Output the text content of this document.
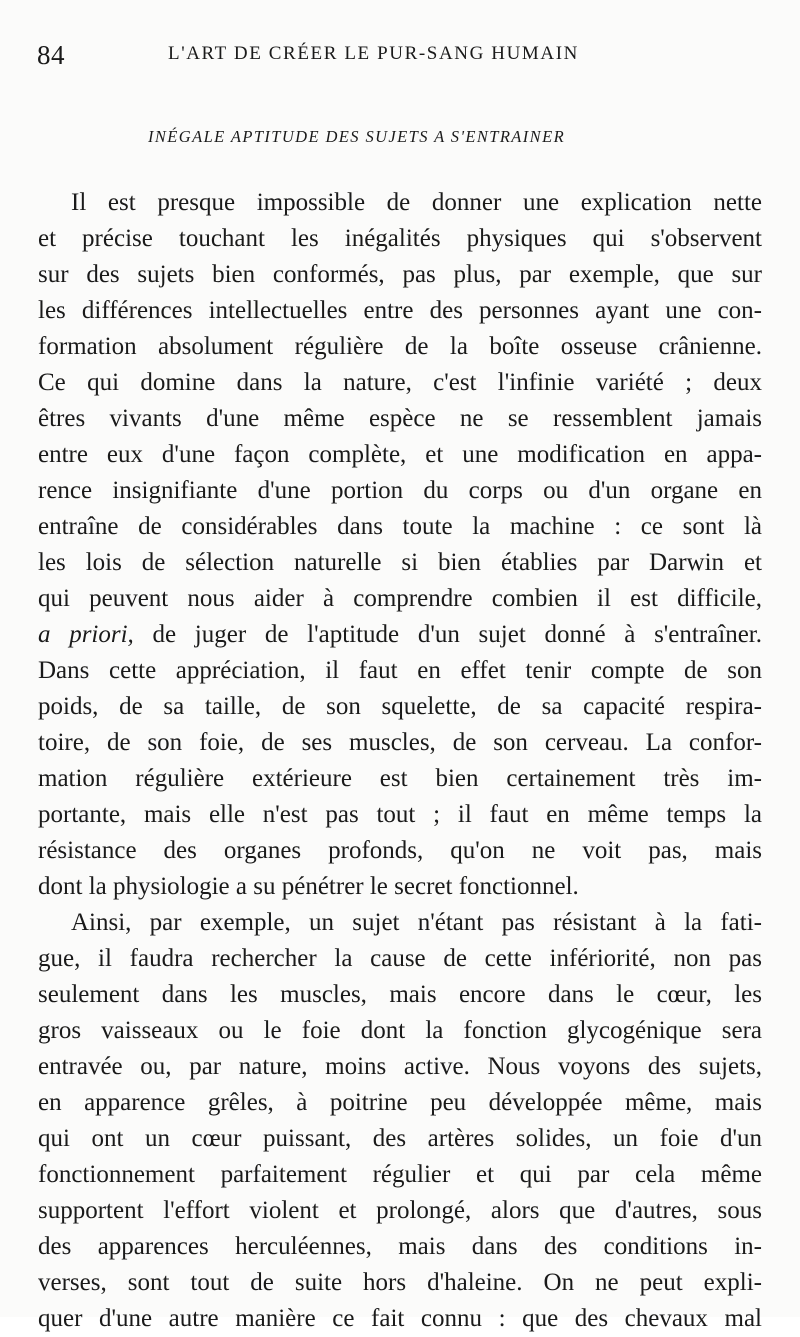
84	L'ART DE CRÉER LE PUR-SANG HUMAIN
INÉGALE APTITUDE DES SUJETS A S'ENTRAINER
Il est presque impossible de donner une explication nette
et précise touchant les inégalités physiques qui s'observent
sur des sujets bien conformés, pas plus, par exemple, que sur
les différences intellectuelles entre des personnes ayant une con-
formation absolument régulière de la boîte osseuse crânienne.
Ce qui domine dans la nature, c'est l'infinie variété ; deux
êtres vivants d'une même espèce ne se ressemblent jamais
entre eux d'une façon complète, et une modification en appa-
rence insignifiante d'une portion du corps ou d'un organe en
entraîne de considérables dans toute la machine : ce sont là
les lois de sélection naturelle si bien établies par Darwin et
qui peuvent nous aider à comprendre combien il est difficile,
a priori, de juger de l'aptitude d'un sujet donné à s'entraîner.
Dans cette appréciation, il faut en effet tenir compte de son
poids, de sa taille, de son squelette, de sa capacité respira-
toire, de son foie, de ses muscles, de son cerveau. La confor-
mation régulière extérieure est bien certainement très im-
portante, mais elle n'est pas tout ; il faut en même temps la
résistance des organes profonds, qu'on ne voit pas, mais
dont la physiologie a su pénétrer le secret fonctionnel.
Ainsi, par exemple, un sujet n'étant pas résistant à la fati-
gue, il faudra rechercher la cause de cette infériorité, non pas
seulement dans les muscles, mais encore dans le cœur, les
gros vaisseaux ou le foie dont la fonction glycogénique sera
entravée ou, par nature, moins active. Nous voyons des sujets,
en apparence grêles, à poitrine peu développée même, mais
qui ont un cœur puissant, des artères solides, un foie d'un
fonctionnement parfaitement régulier et qui par cela même
supportent l'effort violent et prolongé, alors que d'autres, sous
des apparences herculéennes, mais dans des conditions in-
verses, sont tout de suite hors d'haleine. On ne peut expli-
quer d'une autre manière ce fait connu : que des chevaux mal
